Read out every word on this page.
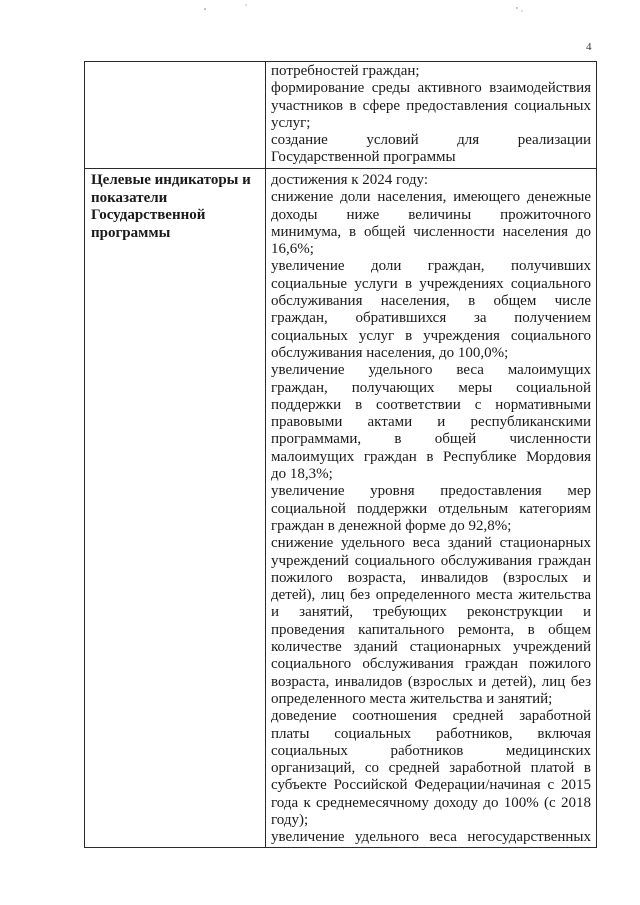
4
потребностей граждан;
формирование среды активного взаимодействия
участников в сфере предоставления социальных
услуг;
создание условий для реализации
Государственной программы
Целевые индикаторы и показатели Государственной программы
достижения к 2024 году:
снижение доли населения, имеющего денежные
доходы ниже величины прожиточного
минимума, в общей численности населения до
16,6%;
увеличение доли граждан, получивших
социальные услуги в учреждениях социального
обслуживания населения, в общем числе
граждан, обратившихся за получением
социальных услуг в учреждения социального
обслуживания населения, до 100,0%;
увеличение удельного веса малоимущих
граждан, получающих меры социальной
поддержки в соответствии с нормативными
правовыми актами и республиканскими
программами, в общей численности
малоимущих граждан в Республике Мордовия
до 18,3%;
увеличение уровня предоставления мер
социальной поддержки отдельным категориям
граждан в денежной форме до 92,8%;
снижение удельного веса зданий стационарных
учреждений социального обслуживания граждан
пожилого возраста, инвалидов (взрослых и
детей), лиц без определенного места жительства
и занятий, требующих реконструкции и
проведения капитального ремонта, в общем
количестве зданий стационарных учреждений
социального обслуживания граждан пожилого
возраста, инвалидов (взрослых и детей), лиц без
определенного места жительства и занятий;
доведение соотношения средней заработной
платы социальных работников, включая
социальных работников медицинских
организаций, со средней заработной платой в
субъекте Российской Федерации/начиная с 2015
года к среднемесячному доходу до 100% (с 2018
году);
увеличение удельного веса негосударственных
